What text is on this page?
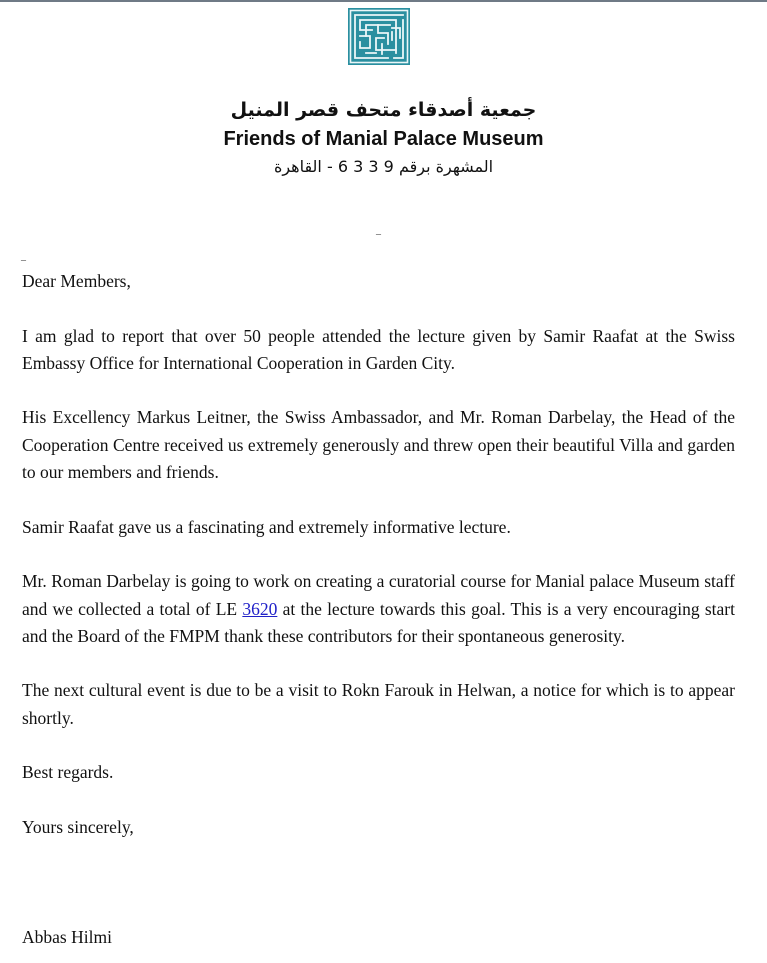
جمعية أصدقاء متحف قصر المنيل
Friends of Manial Palace Museum
المشهرة برقم 9 3 3 6 - القاهرة
_
_

Dear Members,

I am glad to report that over 50 people attended the lecture given by Samir Raafat at the Swiss Embassy Office for International Cooperation in Garden City.

His Excellency Markus Leitner, the Swiss Ambassador, and Mr. Roman Darbelay, the Head of the Cooperation Centre received us extremely generously and threw open their beautiful Villa and garden to our members and friends.

Samir Raafat gave us a fascinating and extremely informative lecture.

Mr. Roman Darbelay is going to work on creating a curatorial course for Manial palace Museum staff and we collected a total of LE 3620 at the lecture towards this goal. This is a very encouraging start and the Board of the FMPM thank these contributors for their spontaneous generosity.

The next cultural event is due to be a visit to Rokn Farouk in Helwan, a notice for which is to appear shortly.

Best regards.

Yours sincerely,

Abbas Hilmi
